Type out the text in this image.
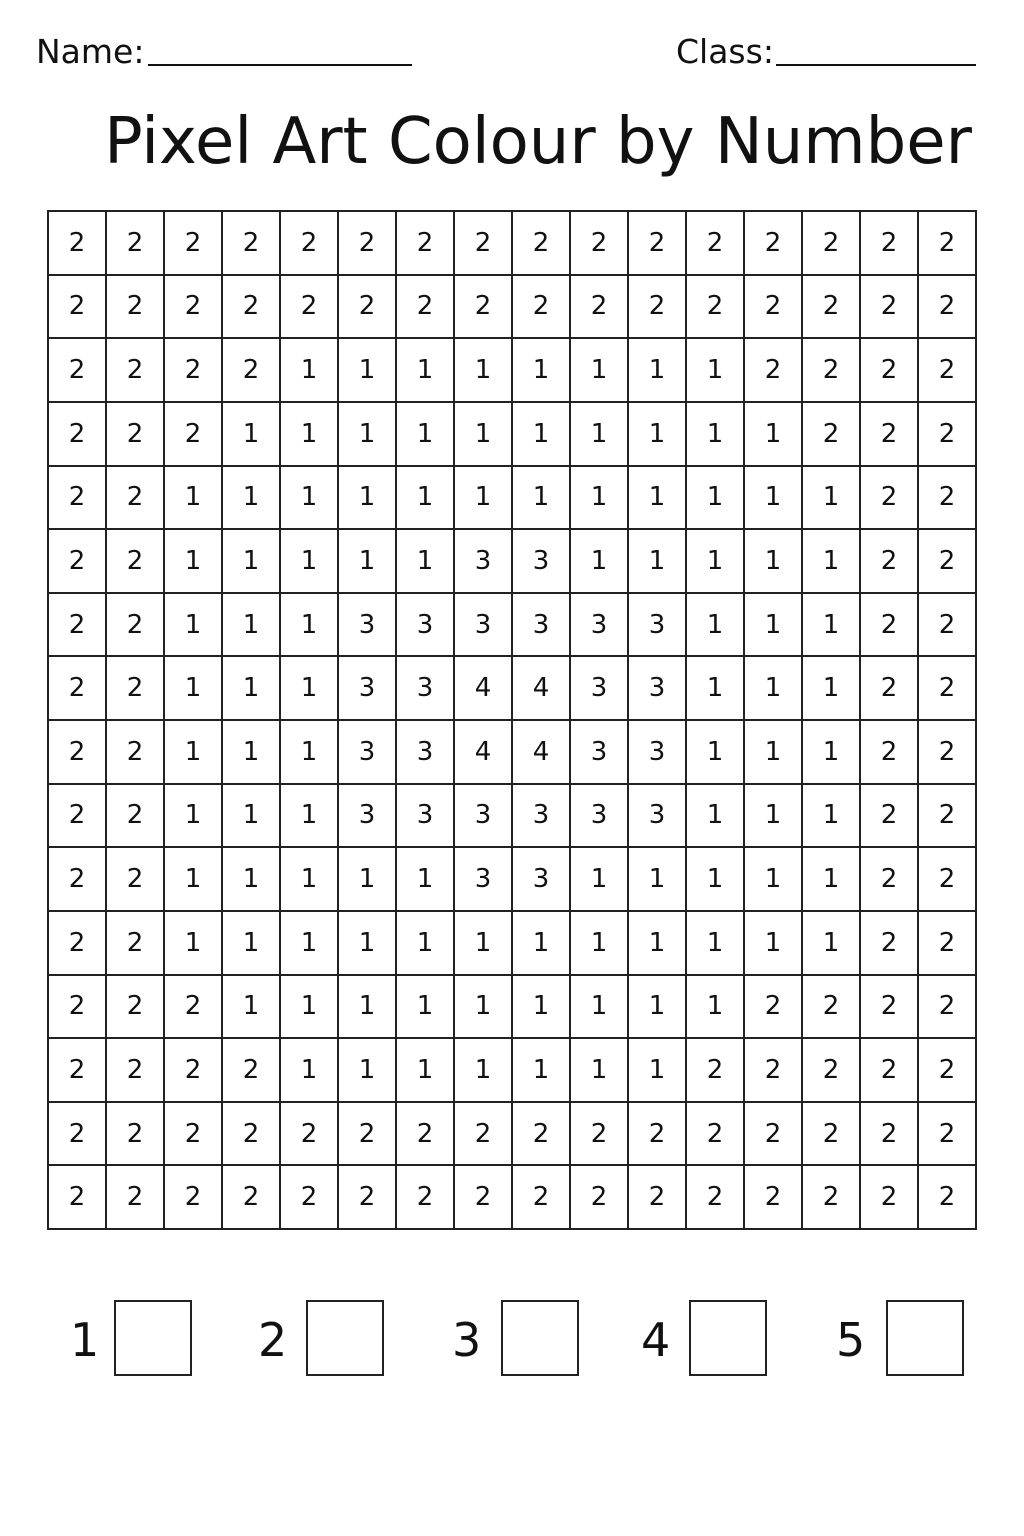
Name:	Class:
Pixel Art Colour by Number
2	2	2	2	2	2	2	2	2	2	2	2	2	2	2	2
2	2	2	2	2	2	2	2	2	2	2	2	2	2	2	2
2	2	2	2	1	1	1	1	1	1	1	1	2	2	2	2
2	2	2	1	1	1	1	1	1	1	1	1	1	2	2	2
2	2	1	1	1	1	1	1	1	1	1	1	1	1	2	2
2	2	1	1	1	1	1	3	3	1	1	1	1	1	2	2
2	2	1	1	1	3	3	3	3	3	3	1	1	1	2	2
2	2	1	1	1	3	3	4	4	3	3	1	1	1	2	2
2	2	1	1	1	3	3	4	4	3	3	1	1	1	2	2
2	2	1	1	1	3	3	3	3	3	3	1	1	1	2	2
2	2	1	1	1	1	1	3	3	1	1	1	1	1	2	2
2	2	1	1	1	1	1	1	1	1	1	1	1	1	2	2
2	2	2	1	1	1	1	1	1	1	1	1	2	2	2	2
2	2	2	2	1	1	1	1	1	1	1	2	2	2	2	2
2	2	2	2	2	2	2	2	2	2	2	2	2	2	2	2
2	2	2	2	2	2	2	2	2	2	2	2	2	2	2	2
1	2	3	4	5
